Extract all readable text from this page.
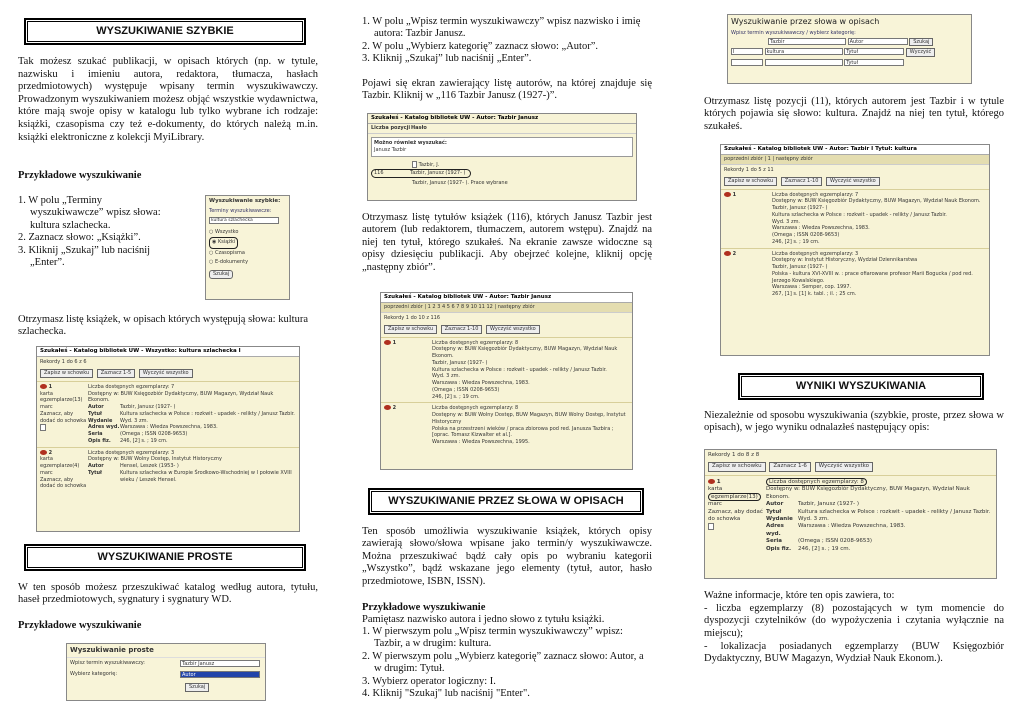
WYSZUKIWANIE SZYBKIE

Tak możesz szukać publikacji, w opisach których (np. w tytule, nazwisku i imieniu autora, redaktora, tłumacza, hasłach przedmiotowych) występuje wpisany termin wyszukiwawczy. Prowadzonym wyszukiwaniem możesz objąć wszystkie wydawnictwa, które mają swoje opisy w katalogu lub tylko wybrane ich rodzaje: książki, czasopisma czy też e-dokumenty, do których należą m.in. książki elektroniczne z kolekcji MyiLibrary.

Przykładowe wyszukiwanie
1. W polu „Terminy wyszukiwawcze” wpisz słowa: kultura szlachecka.
2. Zaznacz słowo: „Książki”.
3. Kliknij „Szukaj” lub naciśnij „Enter”.

Otrzymasz listę książek, w opisach których występują słowa: kultura szlachecka.

WYSZUKIWANIE PROSTE

W ten sposób możesz przeszukiwać katalog według autora, tytułu, haseł przedmiotowych, sygnatury i sygnatury WD.

Przykładowe wyszukiwanie
Wyszukiwanie szybkie:
Terminy wyszukiwawcze:
kultura szlachecka
○ Wszystko
◉ Książki
○ Czasopisma
○ E-dokumenty
Szukaj
Szukałeś - Katalog bibliotek UW - Wszystko: kultura szlachecka I
Rekordy 1 do 6 z 6
Zapisz w schowku Zaznacz 1-5 Wyczyść wszystko
1
karta
egzemplarze(13)
marc
Zaznacz, aby dodać do schowka
Liczba dostępnych egzemplarzy: 7
Dostępny w: BUW Księgozbiór Dydaktyczny, BUW Magazyn, Wydział Nauk Ekonom.
Autor	Tazbir, Janusz (1927- )
Tytuł	Kultura szlachecka w Polsce : rozkwit - upadek - relikty / Janusz Tazbir.
Wydanie	Wyd. 3 zm.
Adres wyd. Warszawa : Wiedza Powszechna, 1983.
Seria	(Omega ; ISSN 0208-9653)
Opis fiz.	246, [2] s. ; 19 cm.
2
karta
egzemplarze(4)
marc
Zaznacz, aby dodać do schowka
Liczba dostępnych egzemplarzy: 3
Dostępny w: BUW Wolny Dostęp, Instytut Historyczny
Autor	Hensel, Leszek (1953- )
Tytuł	Kultura szlachecka w Europie Środkowo-Wschodniej w I połowie XVIII wieku / Leszek Hensel.
Wyszukiwanie proste
Wpisz termin wyszukiwawczy:	Tazbir Janusz
Wybierz kategorię:	Autor
Szukaj
1. W polu „Wpisz termin wyszukiwawczy” wpisz nazwisko i imię autora: Tazbir Janusz.
2. W polu „Wybierz kategorię” zaznacz słowo: „Autor”.
3. Kliknij „Szukaj” lub naciśnij „Enter”.

Pojawi się ekran zawierający listę autorów, na której znajduje się Tazbir. Kliknij w „116 Tazbir Janusz (1927-)”.

Otrzymasz listę tytułów książek (116), których Janusz Tazbir jest autorem (lub redaktorem, tłumaczem, autorem wstępu). Znajdź na niej ten tytuł, którego szukałeś. Na ekranie zawsze widoczne są opisy dziesięciu publikacji. Aby obejrzeć kolejne, kliknij opcję „następny zbiór”.

WYSZUKIWANIE PRZEZ SŁOWA W OPISACH

Ten sposób umożliwia wyszukiwanie książek, których opisy zawierają słowo/słowa wpisane jako termin/y wyszukiwawcze. Można przeszukiwać bądź cały opis po wybraniu kategorii „Wszystko”, bądź wskazane jego elementy (tytuł, autor, hasło przedmiotowe, ISBN, ISSN).

Przykładowe wyszukiwanie
Pamiętasz nazwisko autora i jedno słowo z tytułu książki.
1. W pierwszym polu „Wpisz termin wyszukiwawczy” wpisz: Tazbir, a w drugim: kultura.
2. W pierwszym polu „Wybierz kategorię” zaznacz słowo: Autor, a w drugim: Tytuł.
3. Wybierz operator logiczny: I.
4. Kliknij "Szukaj" lub naciśnij "Enter".
Szukałeś - Katalog bibliotek UW - Autor: Tazbir Janusz
Liczba pozycji Hasło
Możno również wyszukać:
Janusz Tazbir
Tazbir, J.
116	Tazbir, Janusz (1927- )
Tazbir, Janusz (1927- ). Prace wybrane
Szukałeś - Katalog bibliotek UW - Autor: Tazbir Janusz
poprzedni zbiór | 1 2 3 4 5 6 7 8 9 10 11 12 | następny zbiór
Rekordy 1 do 10 z 116
Zapisz w schowku Zaznacz 1-10 Wyczyść wszystko
1	Liczba dostępnych egzemplarzy: 8
Dostępny w: BUW Księgozbiór Dydaktyczny, BUW Magazyn, Wydział Nauk Ekonom.
Tazbir, Janusz (1927- )
Kultura szlachecka w Polsce : rozkwit - upadek - relikty / Janusz Tazbir.
Wyd. 3 zm.
Warszawa : Wiedza Powszechna, 1983.
(Omega ; ISSN 0208-9653)
246, [2] s. ; 19 cm.
2	Liczba dostępnych egzemplarzy: 8
Dostępny w: BUW Wolny Dostęp, BUW Magazyn, BUW Wolny Dostęp, Instytut Historyczny
Polska na przestrzeni wieków / praca zbiorowa pod red. Janusza Tazbira ; [oprac. Tomasz Kizwalter et al.].
Warszawa : Wiedza Powszechna, 1995.

Otrzymasz listę pozycji (11), których autorem jest Tazbir i w tytule których pojawia się słowo: kultura. Znajdź na niej ten tytuł, którego szukałeś.

WYNIKI WYSZUKIWANIA

Niezależnie od sposobu wyszukiwania (szybkie, proste, przez słowa w opisach), w jego wyniku odnalazłeś następujący opis:

Ważne informacje, które ten opis zawiera, to:

- liczba egzemplarzy (8) pozostających w tym momencie do dyspozycji czytelników (do wypożyczenia i czytania wyłącznie na miejscu);

- lokalizacja posiadanych egzemplarzy (BUW Księgozbiór Dydaktyczny, BUW Magazyn, Wydział Nauk Ekonom.).

Wyszukiwanie przez słowa w opisach
Wpisz termin wyszukiwawczy / wybierz kategorię:
Tazbir	Autor	Szukaj
I	kultura	Tytuł	Wyczyść
Tytuł
Szukałeś - Katalog bibliotek UW - Autor: Tazbir I Tytuł: kultura
poprzedni zbiór | 1 | następny zbiór
Rekordy 1 do 5 z 11
Zapisz w schowku Zaznacz 1-10 Wyczyść wszystko
1	Liczba dostępnych egzemplarzy: 7
Dostępny w: BUW Księgozbiór Dydaktyczny, BUW Magazyn, Wydział Nauk Ekonom.
Tazbir, Janusz (1927- )
Kultura szlachecka w Polsce : rozkwit - upadek - relikty / Janusz Tazbir.
Wyd. 3 zm.
Warszawa : Wiedza Powszechna, 1983.
(Omega ; ISSN 0208-9653)
246, [2] s. ; 19 cm.
2	Liczba dostępnych egzemplarzy: 3
Dostępny w: Instytut Historyczny, Wydział Dziennikarstwa
Tazbir, Janusz (1927- )
Polska - kultura XVI-XVIII w. : prace ofiarowane profesor Marii Bogucka / pod red. Jerzego Kowalskiego.
Warszawa : Semper, cop. 1997.
267, [1] s. [1] k. tabl. ; il. ; 25 cm.
Rekordy 1 do 8 z 8
Zapisz w schowku Zaznacz 1-6 Wyczyść wszystko
1
karta
egzemplarze(13)
marc
Zaznacz, aby dodać do schowka
Liczba dostępnych egzemplarzy: 8
Dostępny w: BUW Księgozbiór Dydaktyczny, BUW Magazyn, Wydział Nauk Ekonom.
Autor	Tazbir, Janusz (1927- )
Tytuł	Kultura szlachecka w Polsce : rozkwit - upadek - relikty / Janusz Tazbir.
Wydanie Wyd. 3 zm.
Adres wyd.
Warszawa : Wiedza Powszechna, 1983.
Seria	(Omega ; ISSN 0208-9653)
Opis fiz.	246, [2] s. ; 19 cm.
